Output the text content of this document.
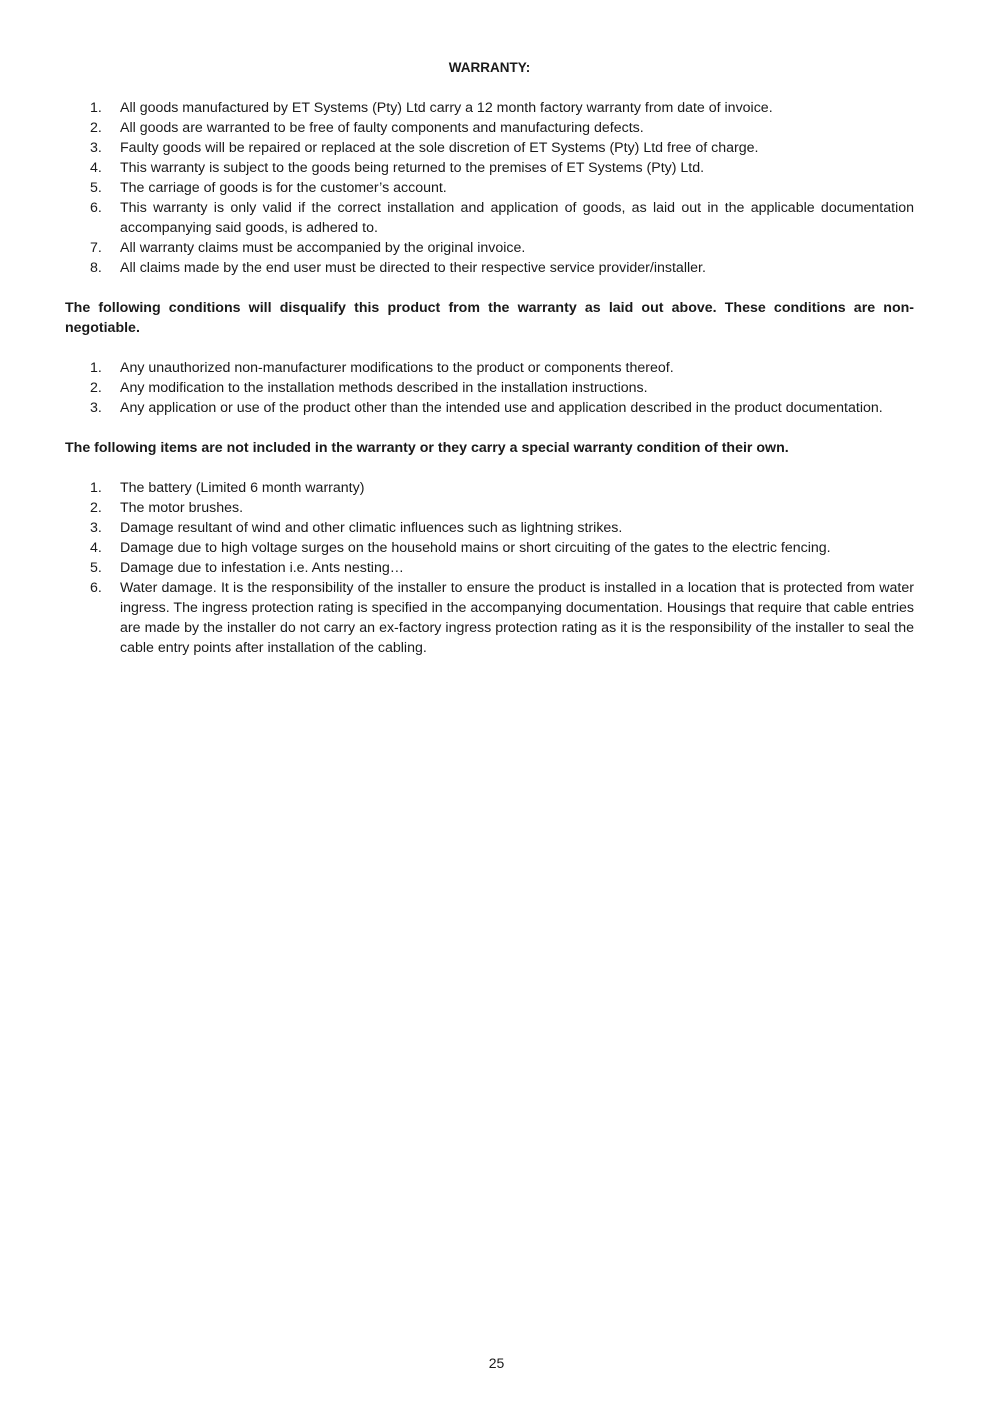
WARRANTY:
1.	All goods manufactured by ET Systems (Pty) Ltd carry a 12 month factory warranty from date of invoice.
2.	All goods are warranted to be free of faulty components and manufacturing defects.
3.	Faulty goods will be repaired or replaced at the sole discretion of ET Systems (Pty) Ltd free of charge.
4.	This warranty is subject to the goods being returned to the premises of ET Systems (Pty) Ltd.
5.	The carriage of goods is for the customer’s account.
6.	This warranty is only valid if the correct installation and application of goods, as laid out in the applicable documentation accompanying said goods, is adhered to.
7.	All warranty claims must be accompanied by the original invoice.
8.	All claims made by the end user must be directed to their respective service provider/installer.
The following conditions will disqualify this product from the warranty as laid out above. These conditions are non-negotiable.
1.	Any unauthorized non-manufacturer modifications to the product or components thereof.
2.	Any modification to the installation methods described in the installation instructions.
3.	Any application or use of the product other than the intended use and application described in the product documentation.
The following items are not included in the warranty or they carry a special warranty condition of their own.
1.	The battery (Limited 6 month warranty)
2.	The motor brushes.
3.	Damage resultant of wind and other climatic influences such as lightning strikes.
4.	Damage due to high voltage surges on the household mains or short circuiting of the gates to the electric fencing.
5.	Damage due to infestation i.e. Ants nesting…
6.	Water damage. It is the responsibility of the installer to ensure the product is installed in a location that is protected from water ingress. The ingress protection rating is specified in the accompanying documentation. Housings that require that cable entries are made by the installer do not carry an ex-factory ingress protection rating as it is the responsibility of the installer to seal the cable entry points after installation of the cabling.
25
